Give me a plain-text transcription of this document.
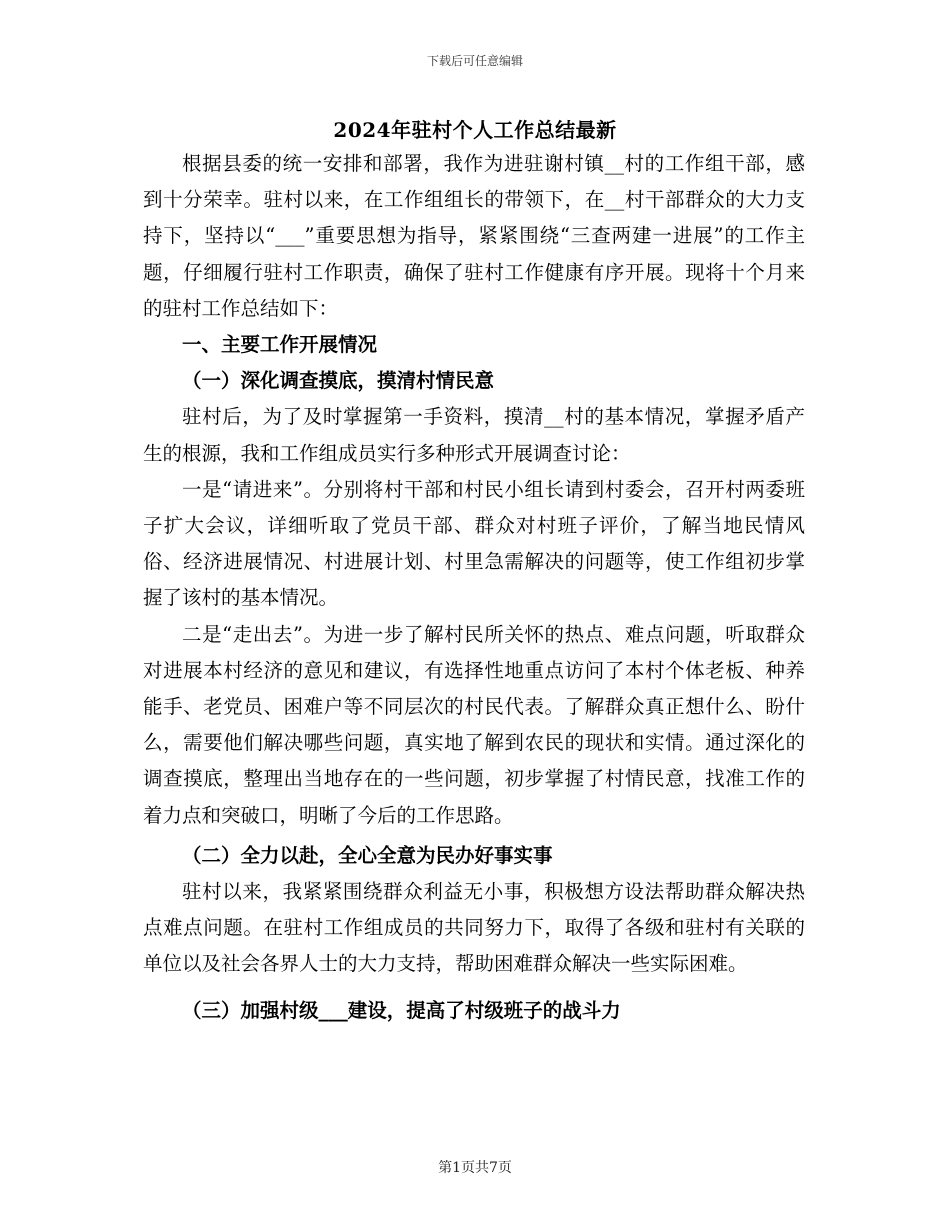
下载后可任意编辑
2024年驻村个人工作总结最新

根据县委的统一安排和部署，我作为进驻谢村镇__村的工作组干部，感到十分荣幸。驻村以来，在工作组组长的带领下，在__村干部群众的大力支持下，坚持以“___”重要思想为指导，紧紧围绕“三查两建一进展”的工作主题，仔细履行驻村工作职责，确保了驻村工作健康有序开展。现将十个月来的驻村工作总结如下：

一、主要工作开展情况
（一）深化调查摸底，摸清村情民意

驻村后，为了及时掌握第一手资料，摸清__村的基本情况，掌握矛盾产生的根源，我和工作组成员实行多种形式开展调查讨论：

一是“请进来”。分别将村干部和村民小组长请到村委会，召开村两委班子扩大会议，详细听取了党员干部、群众对村班子评价，了解当地民情风俗、经济进展情况、村进展计划、村里急需解决的问题等，使工作组初步掌握了该村的基本情况。

二是“走出去”。为进一步了解村民所关怀的热点、难点问题，听取群众对进展本村经济的意见和建议，有选择性地重点访问了本村个体老板、种养能手、老党员、困难户等不同层次的村民代表。了解群众真正想什么、盼什么，需要他们解决哪些问题，真实地了解到农民的现状和实情。通过深化的调查摸底，整理出当地存在的一些问题，初步掌握了村情民意，找准工作的着力点和突破口，明晰了今后的工作思路。

（二）全力以赴，全心全意为民办好事实事

驻村以来，我紧紧围绕群众利益无小事，积极想方设法帮助群众解决热点难点问题。在驻村工作组成员的共同努力下，取得了各级和驻村有关联的单位以及社会各界人士的大力支持，帮助困难群众解决一些实际困难。

（三）加强村级___建设，提高了村级班子的战斗力
第1页共7页
